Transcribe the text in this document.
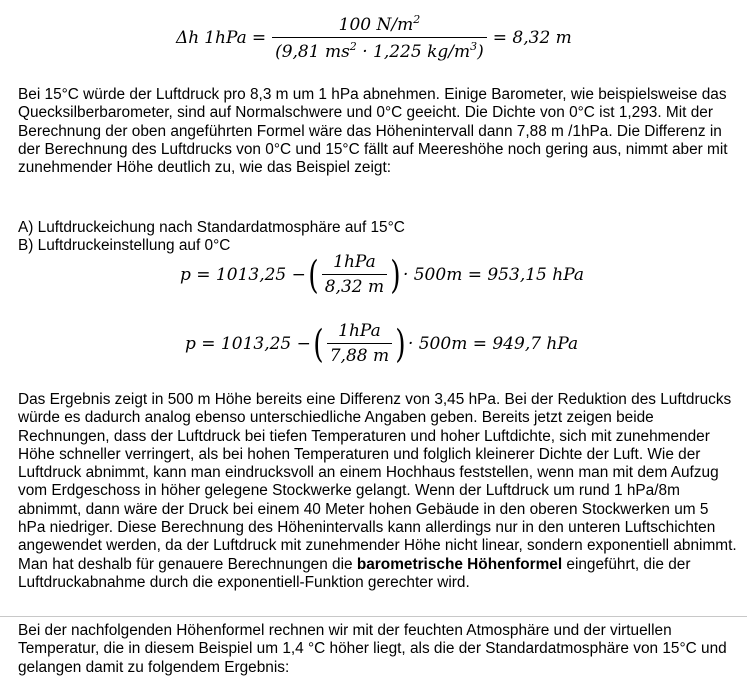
Δh $1hPa = \frac{100 N/m^2}{(9,81 ms^2 \cdot 1,225 kg/m^3)} = 8,32$ m

Bei 15°C würde der Luftdruck pro 8,3 m um 1 hPa abnehmen. Einige Barometer, wie beispielsweise das Quecksilberbarometer, sind auf Normalschwere und 0°C geeicht. Die Dichte von 0°C ist 1,293. Mit der Berechnung der oben angeführten Formel wäre das Höhenintervall dann 7,88 m /1hPa. Die Differenz in der Berechnung des Luftdrucks von 0°C und 15°C fällt auf Meereshöhe noch gering aus, nimmt aber mit zunehmender Höhe deutlich zu, wie das Beispiel zeigt:

A) Luftdruckeichung nach Standardatmosphäre auf 15°C

B) Luftdruckeinstellung auf 0°C

p = 1013,25 − ( $\frac{\text{1hPa}}{8,32 m}$ ) · 500m = 953,15 hPa
p = 1013,25 − ( $\frac{\text{1hPa}}{7,88 m}$ ) · 500m = 949,7 hPa

Das Ergebnis zeigt in 500 m Höhe bereits eine Differenz von 3,45 hPa. Bei der Reduktion des Luftdrucks würde es dadurch analog ebenso unterschiedliche Angaben geben. Bereits jetzt zeigen beide Rechnungen, dass der Luftdruck bei tiefen Temperaturen und hoher Luftdichte, sich mit zunehmender Höhe schneller verringert, als bei hohen Temperaturen und folglich kleinerer Dichte der Luft. Wie der Luftdruck abnimmt, kann man eindrucksvoll an einem Hochhaus feststellen, wenn man mit dem Aufzug vom Erdgeschoss in höher gelegene Stockwerke gelangt. Wenn der Luftdruck um rund 1 hPa/8m abnimmt, dann wäre der Druck bei einem 40 Meter hohen Gebäude in den oberen Stockwerken um 5 hPa niedriger. Diese Berechnung des Höhenintervalls kann allerdings nur in den unteren Luftschichten angewendet werden, da der Luftdruck mit zunehmender Höhe nicht linear, sondern exponentiell abnimmt. Man hat deshalb für genauere Berechnungen die barometrische Höhenformel eingeführt, die der Luftdruckabnahme durch die exponentiell-Funktion gerechter wird.

Bei der nachfolgenden Höhenformel rechnen wir mit der feuchten Atmosphäre und der virtuellen Temperatur, die in diesem Beispiel um 1,4 °C höher liegt, als die der Standardatmosphäre von 15°C und gelangen damit zu folgendem Ergebnis:
